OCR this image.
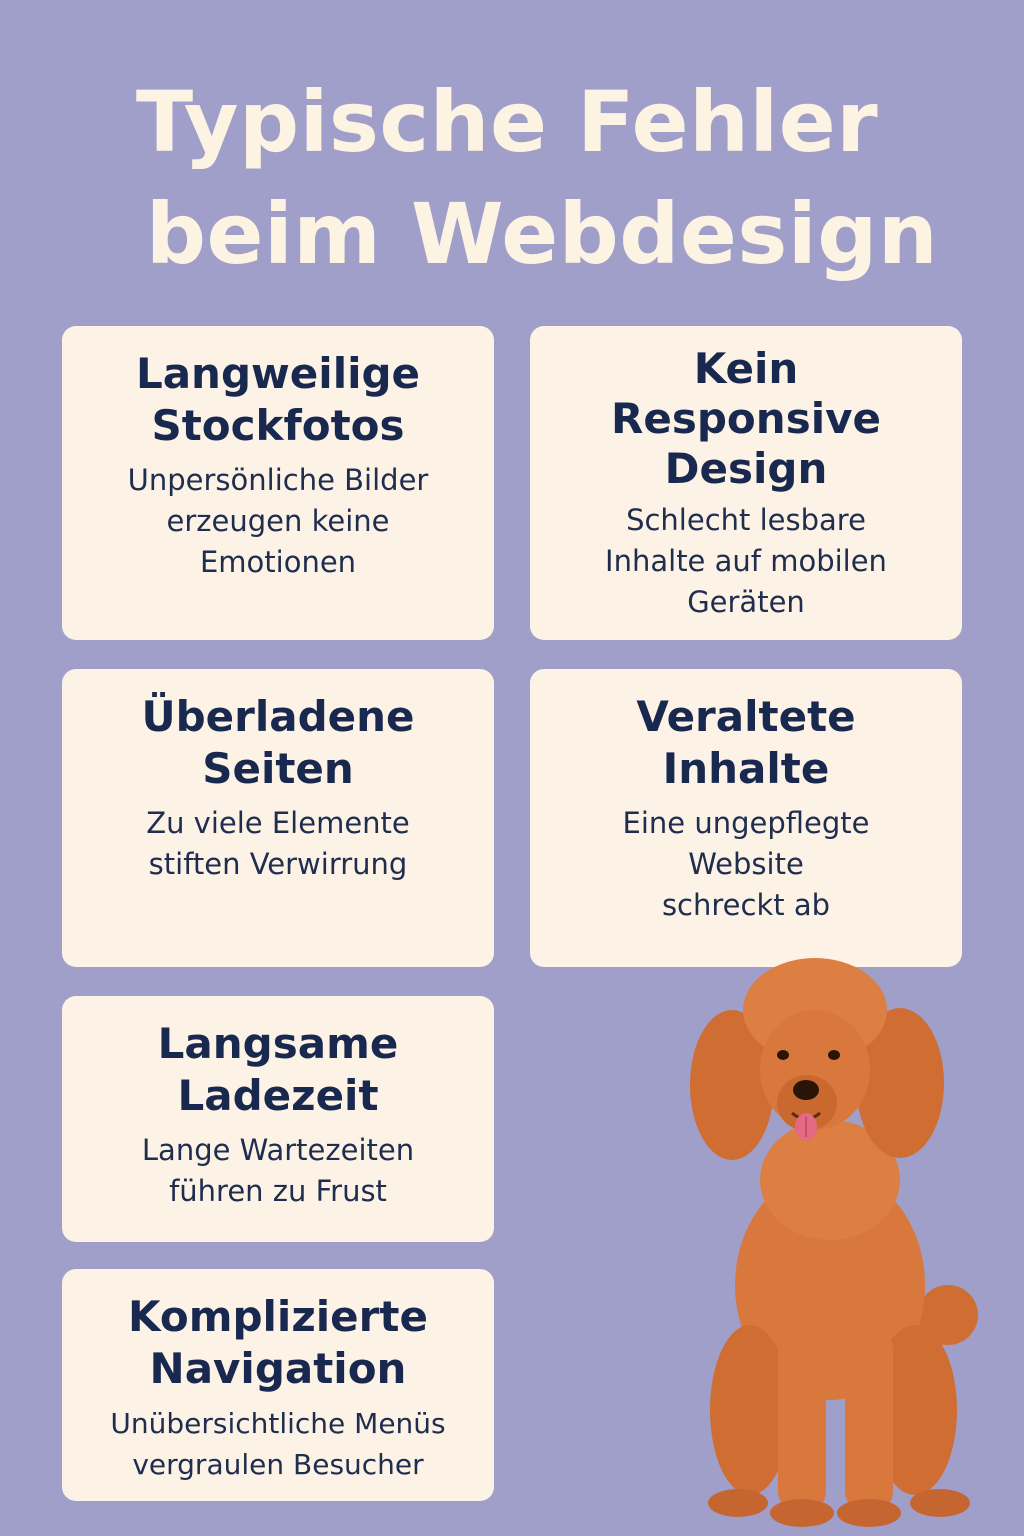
Typische Fehler
beim Webdesign
Langweilige
Stockfotos
Unpersönliche Bilder
erzeugen keine
Emotionen
Kein
Responsive
Design
Schlecht lesbare
Inhalte auf mobilen
Geräten
Überladene
Seiten
Zu viele Elemente
stiften Verwirrung
Veraltete
Inhalte
Eine ungepflegte
Website
schreckt ab
Langsame
Ladezeit
Lange Wartezeiten
führen zu Frust
Komplizierte
Navigation
Unübersichtliche Menüs
vergraulen Besucher
